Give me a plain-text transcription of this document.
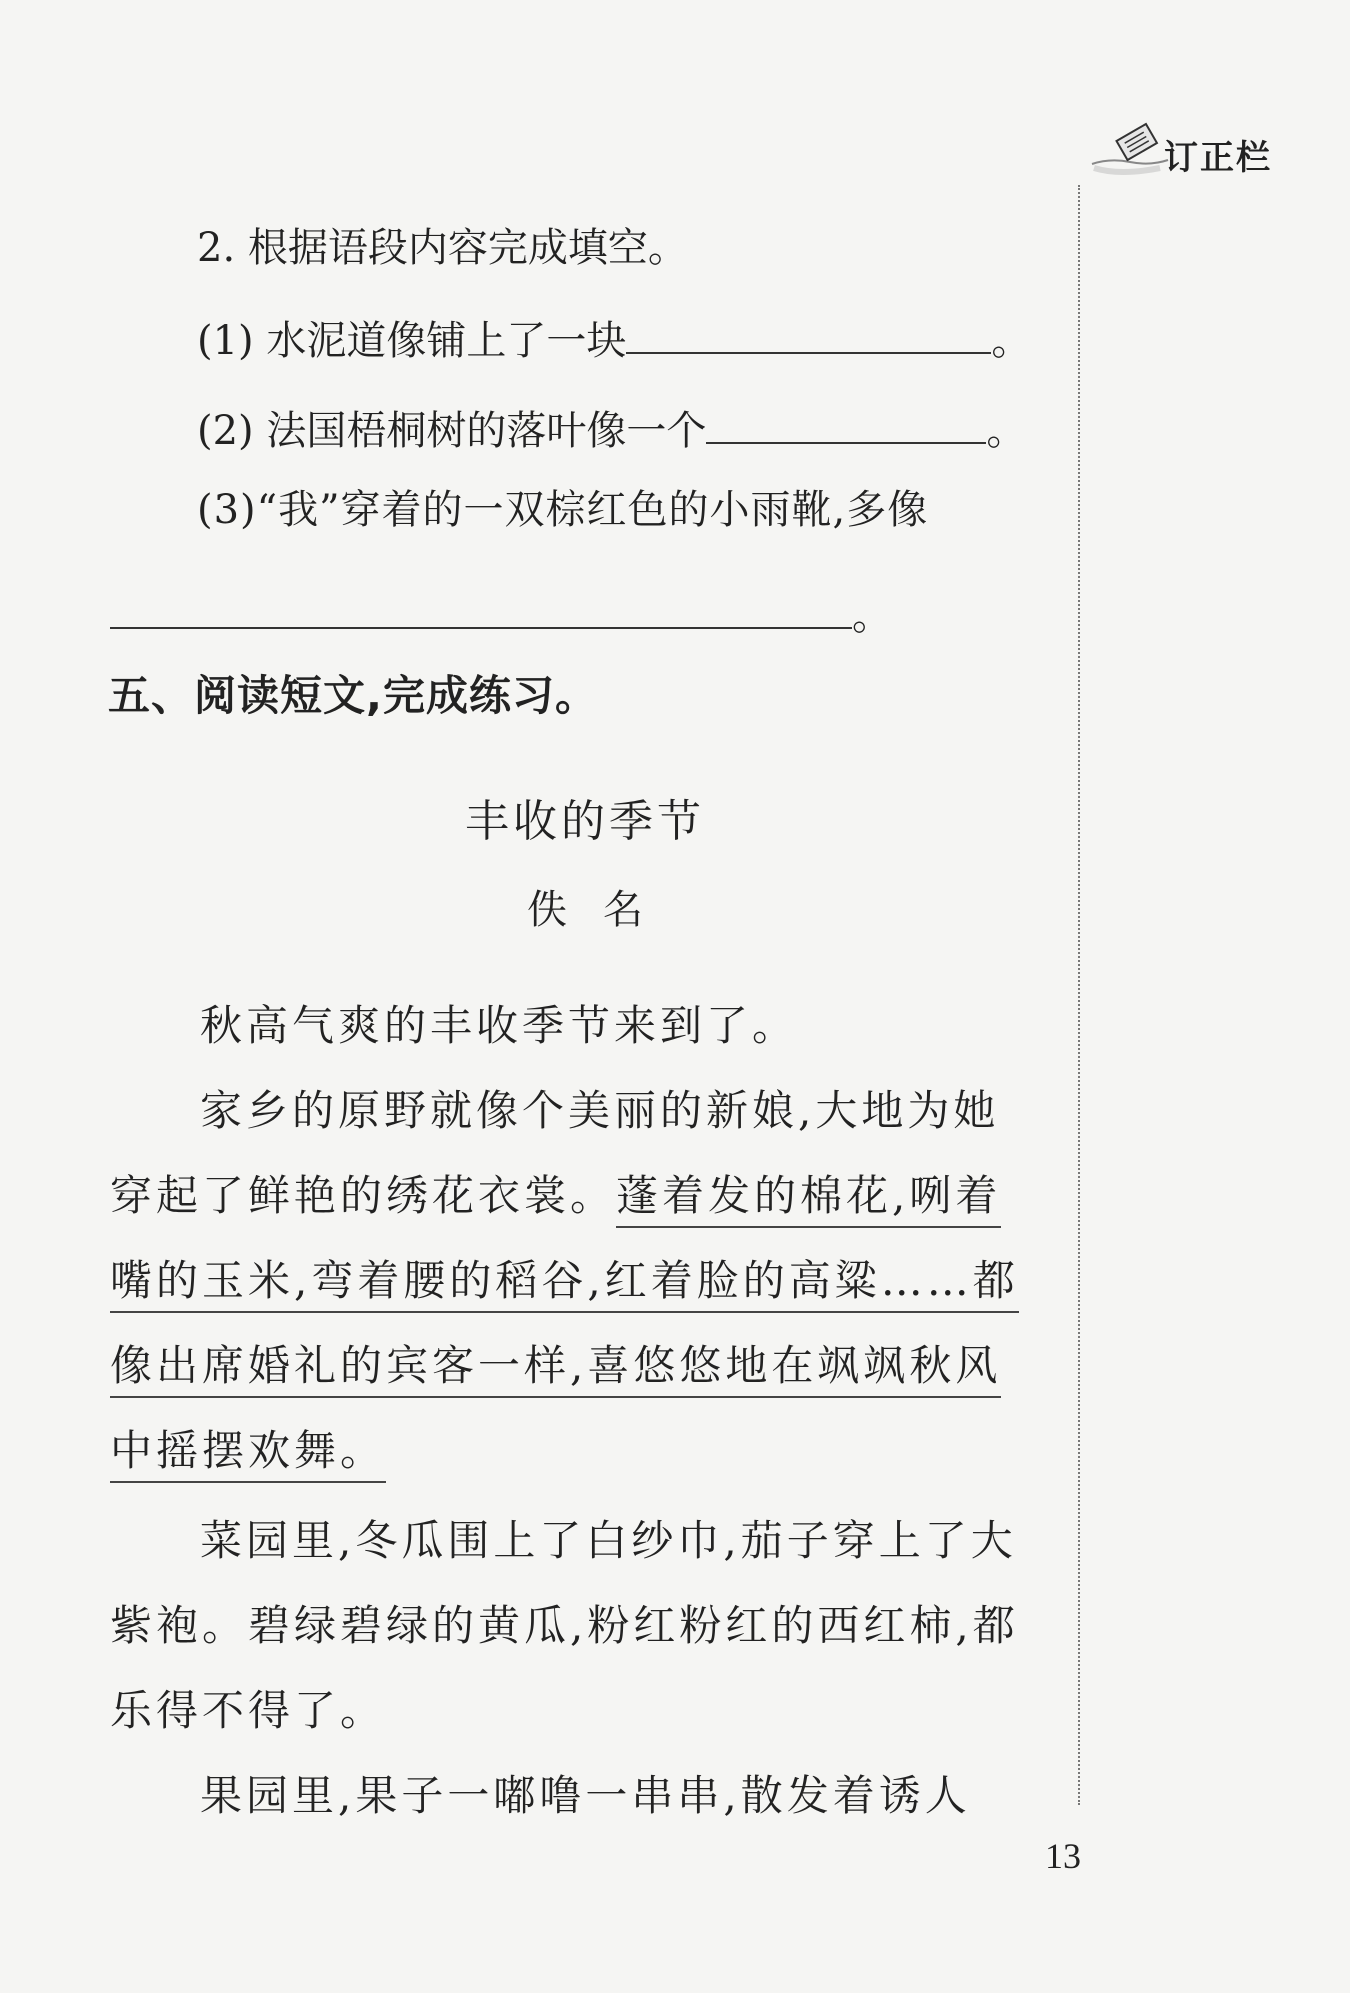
订正栏
2. 根据语段内容完成填空。
(1) 水泥道像铺上了一块	。
(2) 法国梧桐树的落叶像一个	。
(3)“我”穿着的一双棕红色的小雨靴,多像
。
五、阅读短文,完成练习。
丰收的季节
佚名
秋高气爽的丰收季节来到了。
家乡的原野就像个美丽的新娘,大地为她
穿起了鲜艳的绣花衣裳。蓬着发的棉花,咧着
嘴的玉米,弯着腰的稻谷,红着脸的高粱……都
像出席婚礼的宾客一样,喜悠悠地在飒飒秋风
中摇摆欢舞。
菜园里,冬瓜围上了白纱巾,茄子穿上了大
紫袍。碧绿碧绿的黄瓜,粉红粉红的西红柿,都
乐得不得了。
果园里,果子一嘟噜一串串,散发着诱人
13
